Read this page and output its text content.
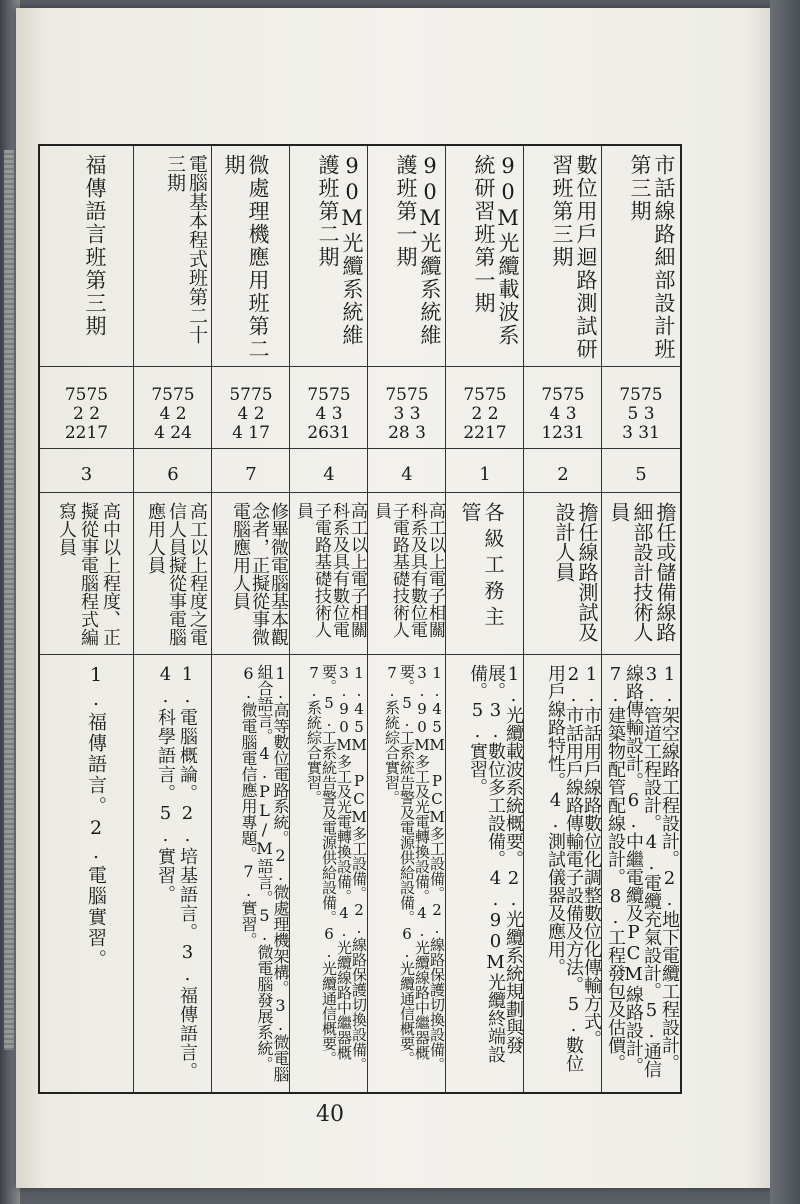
市話線路細部設計班第三期
7575
5 3
3 31
5
擔任或儲備線路細部設計技術人員
1.架空線路工程設計。2.地下電纜工程設計。3.管道工程設計。4.電纜充氣設計。5.通信線路傳輸設計。6.中繼電纜及PCM線路設計。7.建築物配管配線設計。8.工程發包及估價。
數位用戶迴路測試研習班第三期
7575
4 3
1231
2
擔任線路測試及設計人員
1.市話用戶線路數位化調整數位化傳輸方式。2.市話用戶線路傳輸電子設備及方法。5.數位用戶線路特性。4.測試儀器及應用。
90M光纜載波系統研習班第一期
7575
2 2
2217
1
各級工務主管
1.光纜載波系統概要。2.光纜系統規劃與發展。3.數位多工設備。4.90M光纜終端設備。5.實習。
90M光纜系統維護班第一期
7575
3 3
28 3
4
高工以上電子相關科系及具有數位電子電路基礎技術人員
1.45M PCM多工設備。2.線路保護切換設備。3.90M多工及光電轉換設備。4.光纜線路中繼器概要。5.工系統告警及電源供給設備。6.光纜通信概要。7.系統綜合實習。
90M光纜系統維護班第二期
7575
4 3
2631
4
高工以上電子相關科系及具有數位電子電路基礎技術人員
1.45M PCM多工設備。2.線路保護切換設備。3.90M多工及光電轉換設備。4.光纜線路中繼器概要。5.工系統告警及電源供給設備。6.光纜通信概要。7.系統綜合實習。
微處理機應用班第二期
5775
4 2
4 17
7
修畢微電腦基本觀念者，正擬從事微電腦應用人員
1.高等數位電路系統。2.微處理機架構。3.微電腦組合語言。4.PL/M語言。5.微電腦發展系統。6.微電腦電信應用專題。7.實習。
電腦基本程式班第二十三期
7575
4 2
4 24
6
高工以上程度之電信人員擬從事電腦應用人員
1.電腦概論。2.培基語言。3.福傳語言。4.科學語言。5.實習。
福傳語言班第三期
7575
2 2
2217
3
高中以上程度、正擬從事電腦程式編寫人員
1.福傳語言。2.電腦實習。
40
